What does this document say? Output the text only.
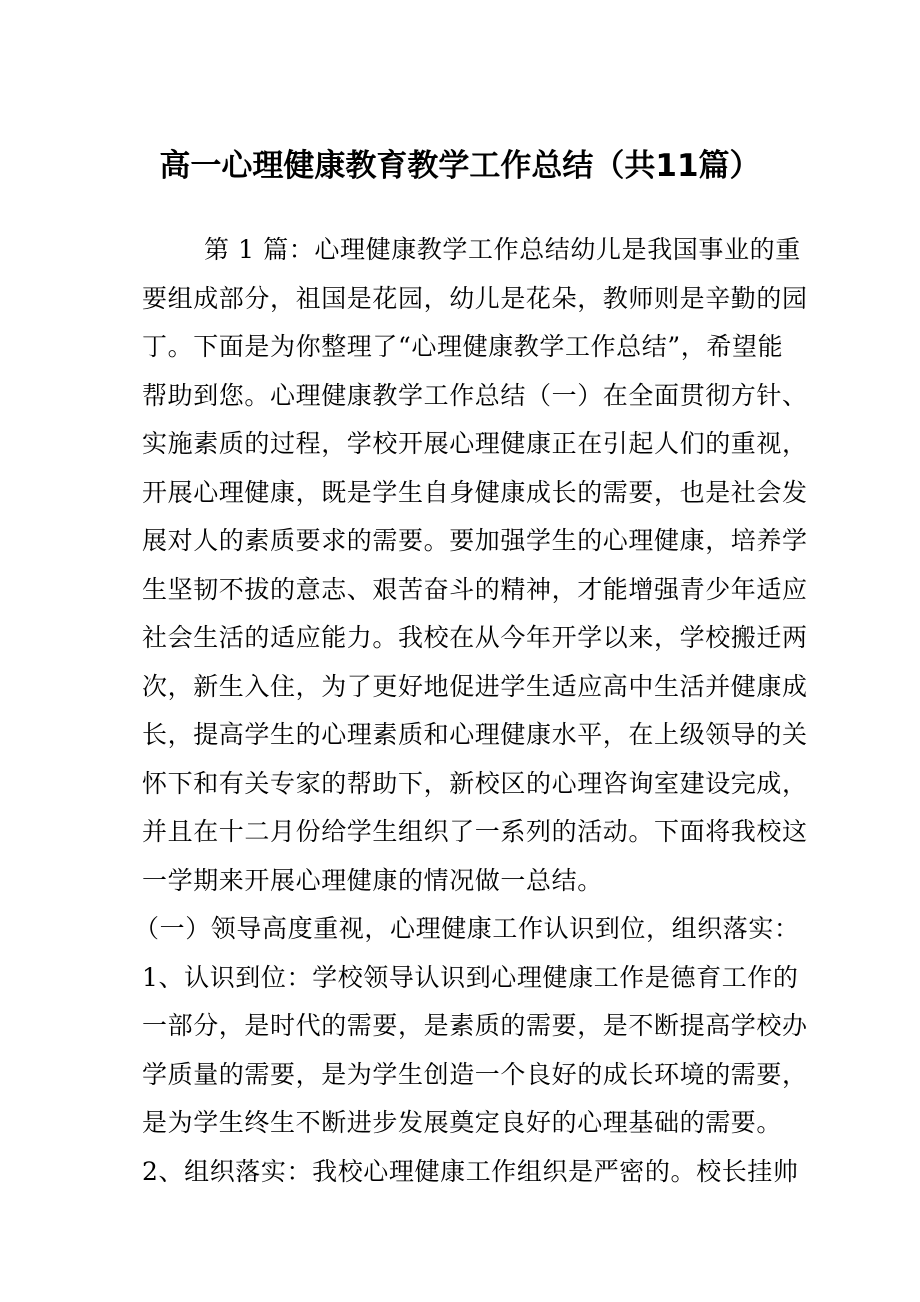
高一心理健康教育教学工作总结（共11篇）
第 1 篇：心理健康教学工作总结幼儿是我国事业的重
要组成部分，祖国是花园，幼儿是花朵，教师则是辛勤的园
丁。下面是为你整理了“心理健康教学工作总结”，希望能
帮助到您。心理健康教学工作总结（一）在全面贯彻方针、
实施素质的过程，学校开展心理健康正在引起人们的重视，
开展心理健康，既是学生自身健康成长的需要，也是社会发
展对人的素质要求的需要。要加强学生的心理健康，培养学
生坚韧不拔的意志、艰苦奋斗的精神，才能增强青少年适应
社会生活的适应能力。我校在从今年开学以来，学校搬迁两
次，新生入住，为了更好地促进学生适应高中生活并健康成
长，提高学生的心理素质和心理健康水平，在上级领导的关
怀下和有关专家的帮助下，新校区的心理咨询室建设完成，
并且在十二月份给学生组织了一系列的活动。下面将我校这
一学期来开展心理健康的情况做一总结。
（一）领导高度重视，心理健康工作认识到位，组织落实：
1、认识到位：学校领导认识到心理健康工作是德育工作的
一部分，是时代的需要，是素质的需要，是不断提高学校办
学质量的需要，是为学生创造一个良好的成长环境的需要，
是为学生终生不断进步发展奠定良好的心理基础的需要。
2、组织落实：我校心理健康工作组织是严密的。校长挂帅
